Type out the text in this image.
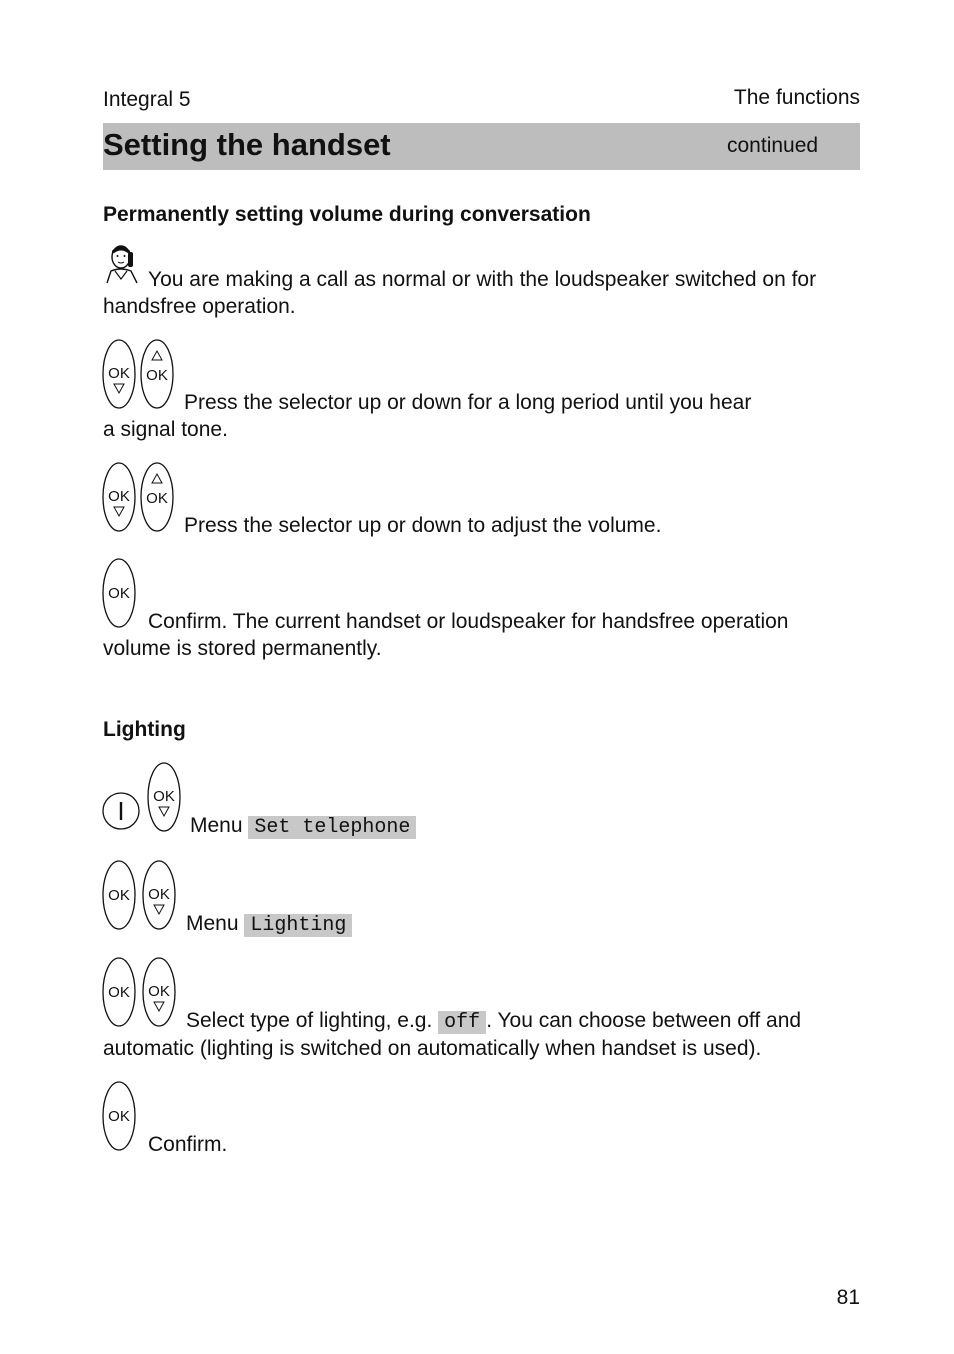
Integral 5	The functions
Setting the handset	continued
Permanently setting volume during conversation
You are making a call as normal or with the loudspeaker switched on for handsfree operation.
OK OK
Press the selector up or down for a long period until you hear
a signal tone.
OK OK
Press the selector up or down to adjust the volume.
OK
Confirm. The current handset or loudspeaker for handsfree operation
volume is stored permanently.
Lighting
OK
Menu Set telephone
OK OK
Menu Lighting
OK OK
Select type of lighting, e.g. off . You can choose between off and
automatic (lighting is switched on automatically when handset is used).
OK
Confirm.
81
